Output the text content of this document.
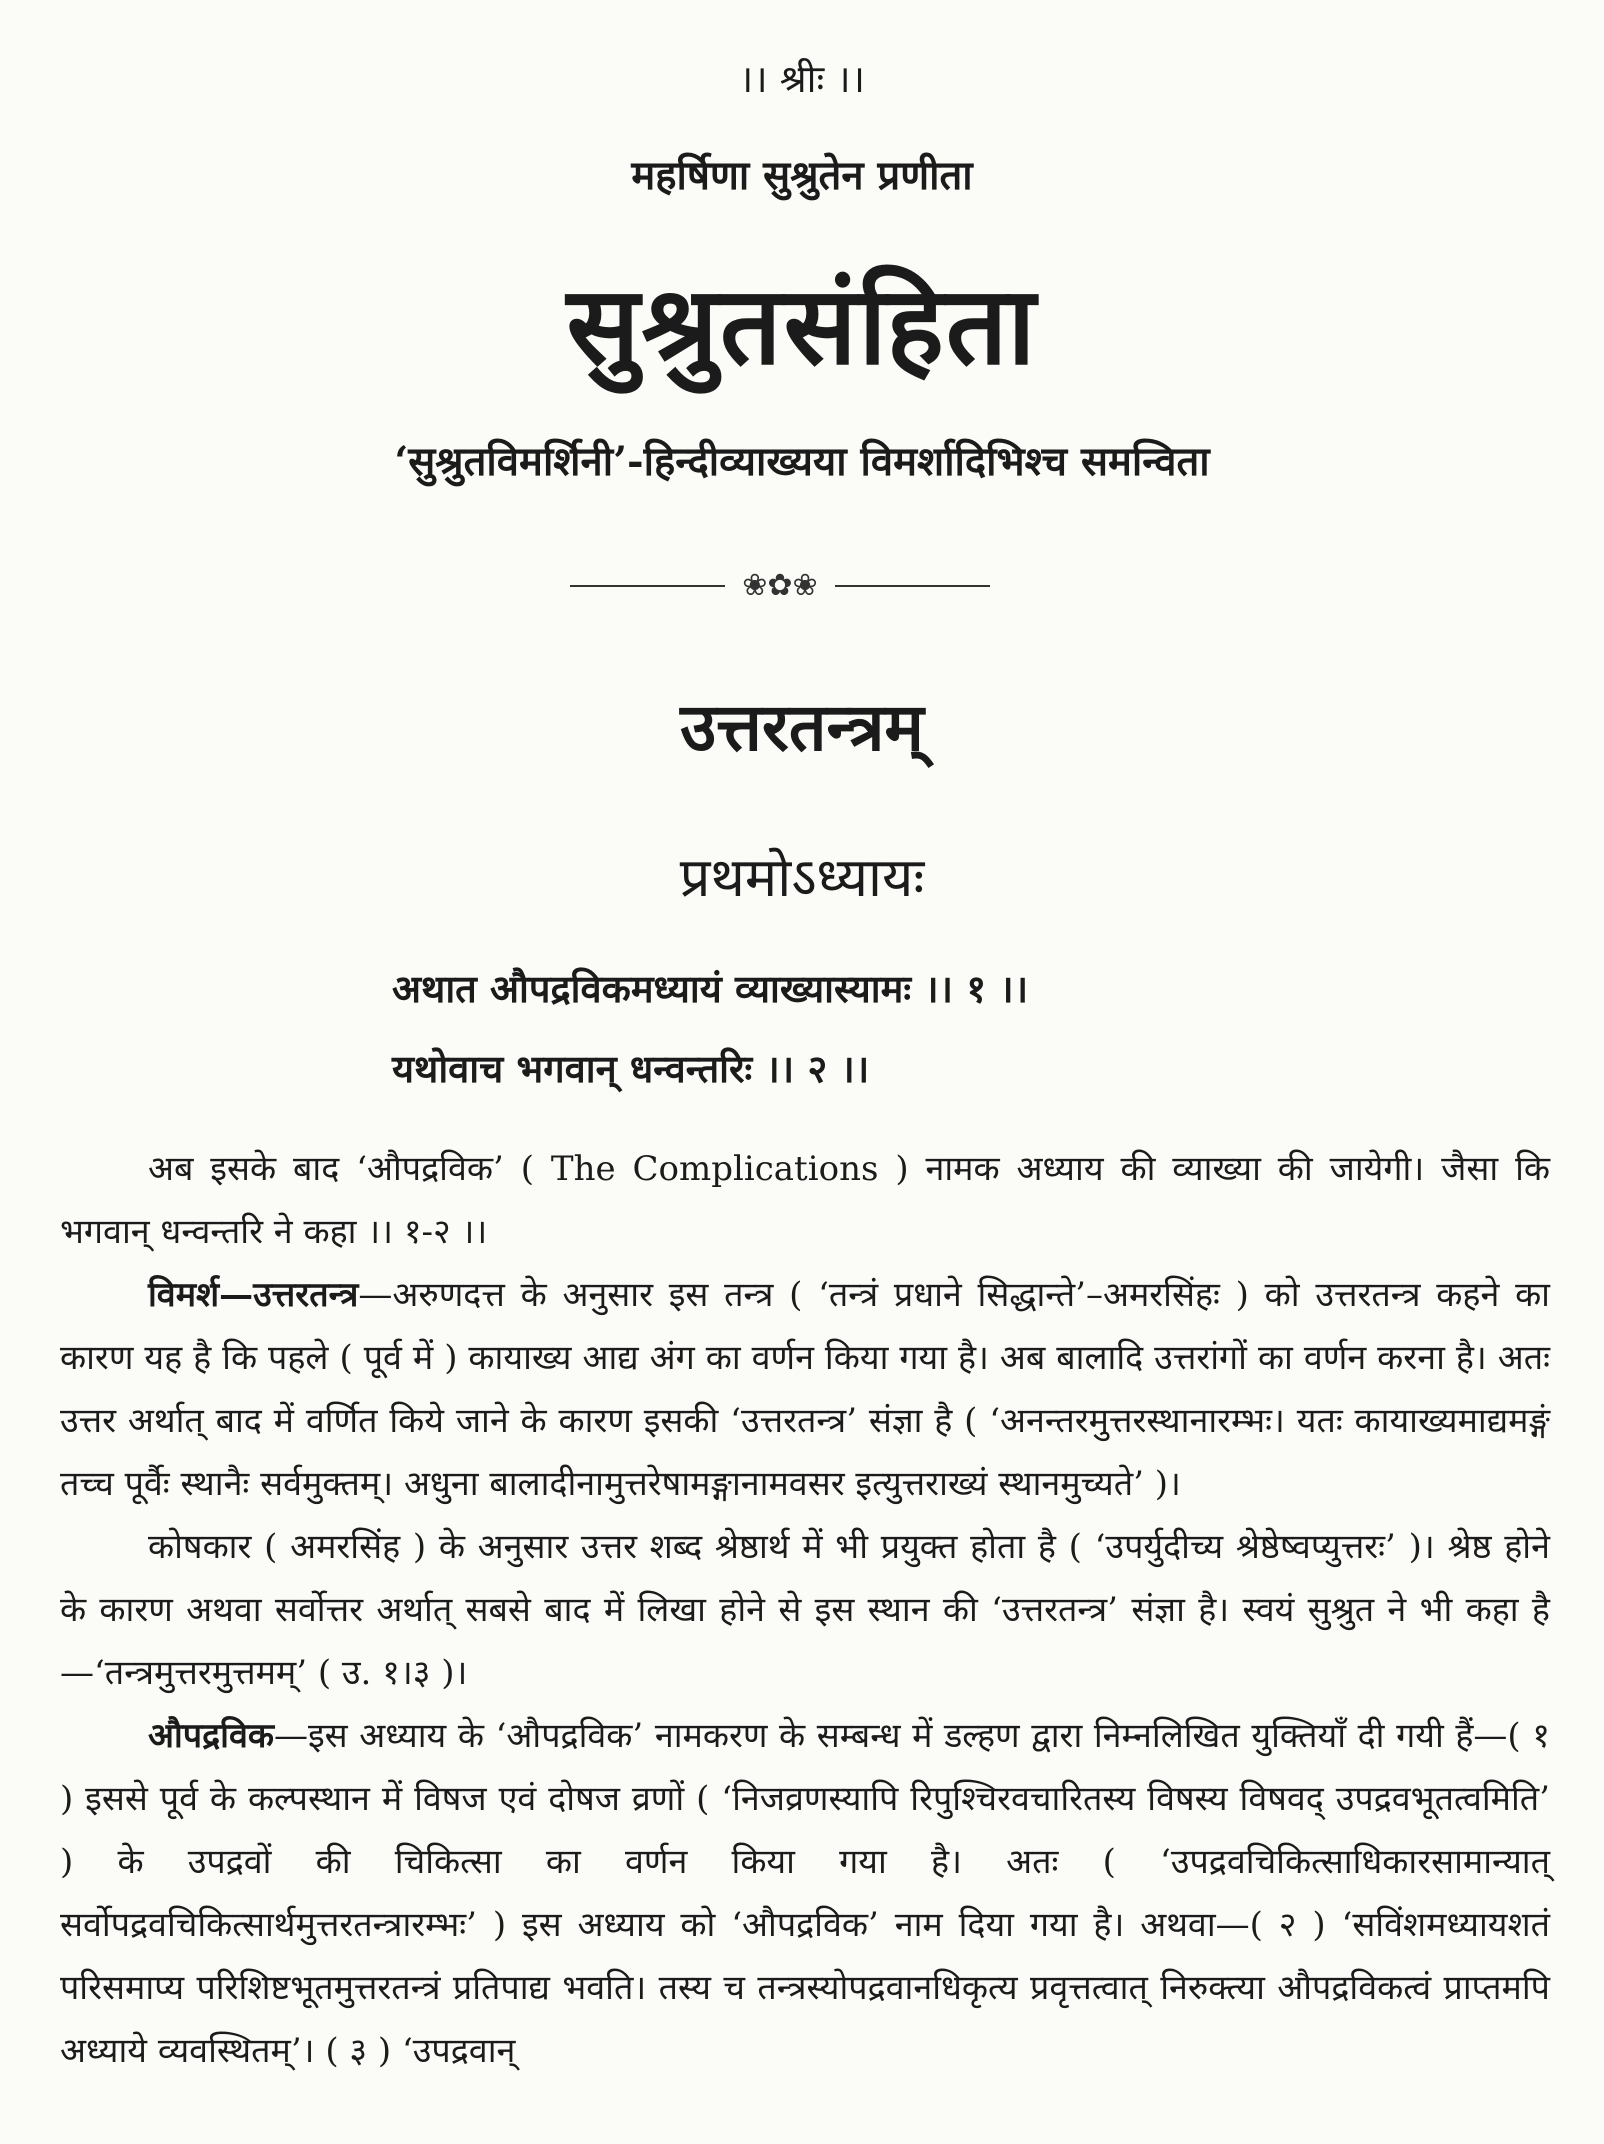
।। श्रीः ।।
महर्षिणा सुश्रुतेन प्रणीता
सुश्रुतसंहिता
‘सुश्रुतविमर्शिनी’-हिन्दीव्याख्यया विमर्शादिभिश्च समन्विता
❀✿❀
उत्तरतन्त्रम्
प्रथमोऽध्यायः
अथात औपद्रविकमध्यायं व्याख्यास्यामः ।। १ ।।
यथोवाच भगवान् धन्वन्तरिः ।। २ ।।

अब इसके बाद ‘औपद्रविक’ ( The Complications ) नामक अध्याय की व्याख्या की जायेगी। जैसा कि भगवान् धन्वन्तरि ने कहा ।। १-२ ।।

विमर्श—उत्तरतन्त्र—अरुणदत्त के अनुसार इस तन्त्र ( ‘तन्त्रं प्रधाने सिद्धान्ते’–अमरसिंहः ) को उत्तरतन्त्र कहने का कारण यह है कि पहले ( पूर्व में ) कायाख्य आद्य अंग का वर्णन किया गया है। अब बालादि उत्तरांगों का वर्णन करना है। अतः उत्तर अर्थात् बाद में वर्णित किये जाने के कारण इसकी ‘उत्तरतन्त्र’ संज्ञा है ( ‘अनन्तरमुत्तरस्थानारम्भः। यतः कायाख्यमाद्यमङ्गं तच्च पूर्वैः स्थानैः सर्वमुक्तम्। अधुना बालादीनामुत्तरेषामङ्गानामवसर इत्युत्तराख्यं स्थानमुच्यते’ )।

कोषकार ( अमरसिंह ) के अनुसार उत्तर शब्द श्रेष्ठार्थ में भी प्रयुक्त होता है ( ‘उपर्युदीच्य श्रेष्ठेष्वप्युत्तरः’ )। श्रेष्ठ होने के कारण अथवा सर्वोत्तर अर्थात् सबसे बाद में लिखा होने से इस स्थान की ‘उत्तरतन्त्र’ संज्ञा है। स्वयं सुश्रुत ने भी कहा है—‘तन्त्रमुत्तरमुत्तमम्’ ( उ. १।३ )।

औपद्रविक—इस अध्याय के ‘औपद्रविक’ नामकरण के सम्बन्ध में डल्हण द्वारा निम्नलिखित युक्तियाँ दी गयी हैं—( १ ) इससे पूर्व के कल्पस्थान में विषज एवं दोषज व्रणों ( ‘निजव्रणस्यापि रिपुश्चिरवचारितस्य विषस्य विषवद् उपद्रवभूतत्वमिति’ ) के उपद्रवों की चिकित्सा का वर्णन किया गया है। अतः ( ‘उपद्रवचिकित्साधिकारसामान्यात् सर्वोपद्रवचिकित्सार्थमुत्तरतन्त्रारम्भः’ ) इस अध्याय को ‘औपद्रविक’ नाम दिया गया है। अथवा—( २ ) ‘सविंशमध्यायशतं परिसमाप्य परिशिष्टभूतमुत्तरतन्त्रं प्रतिपाद्य भवति। तस्य च तन्त्रस्योपद्रवानधिकृत्य प्रवृत्तत्वात् निरुक्त्या औपद्रविकत्वं प्राप्तमपि अध्याये व्यवस्थितम्’। ( ३ ) ‘उपद्रवान्
